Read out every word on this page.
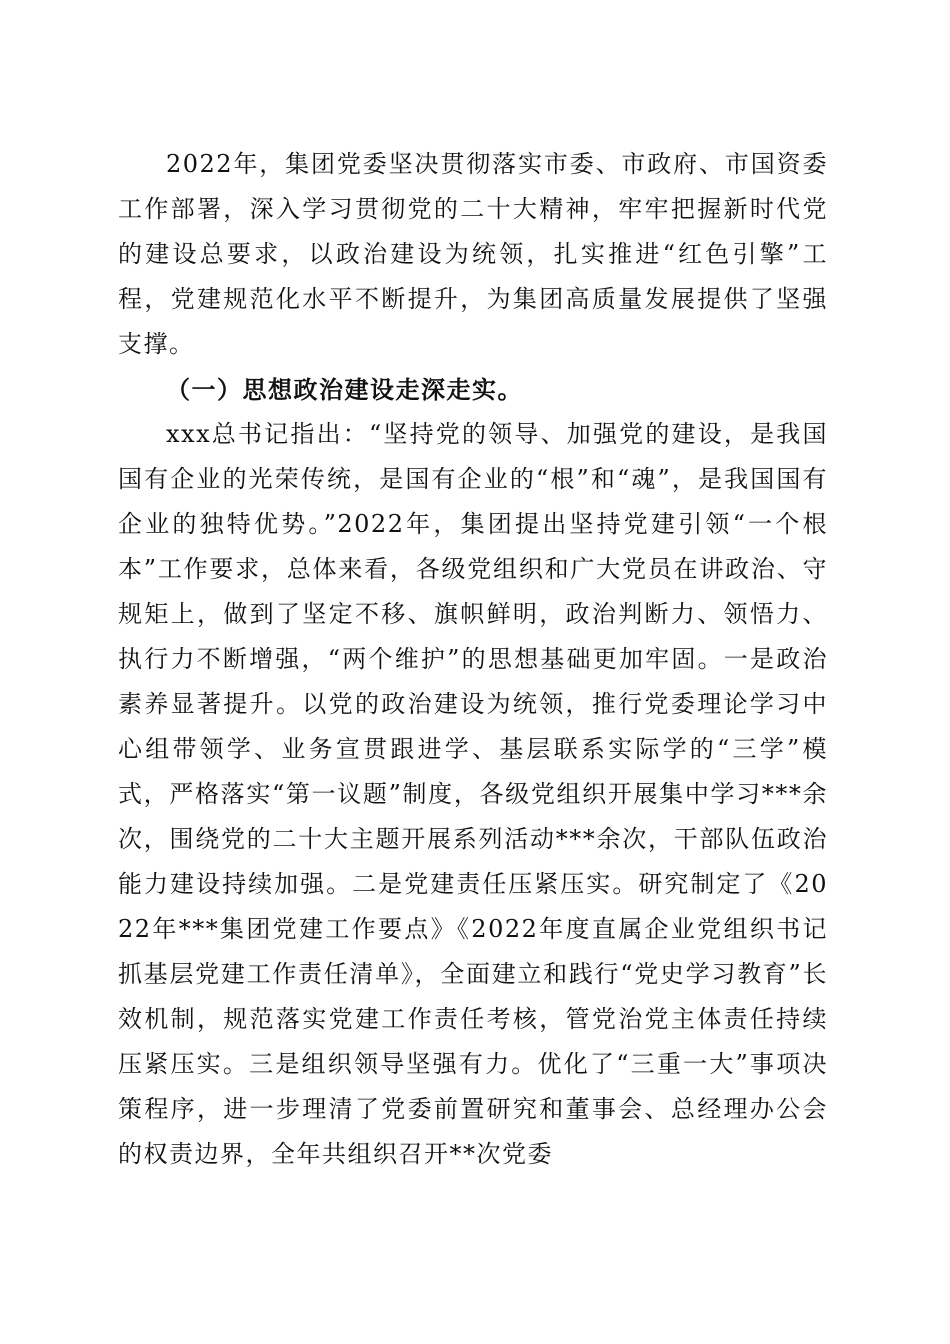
2022年，集团党委坚决贯彻落实市委、市政府、市国资委工作部署，深入学习贯彻党的二十大精神，牢牢把握新时代党的建设总要求，以政治建设为统领，扎实推进“红色引擎”工程，党建规范化水平不断提升，为集团高质量发展提供了坚强支撑。

（一）思想政治建设走深走实。

xxx总书记指出：“坚持党的领导、加强党的建设，是我国国有企业的光荣传统，是国有企业的“根”和“魂”，是我国国有企业的独特优势。”2022年，集团提出坚持党建引领“一个根本”工作要求，总体来看，各级党组织和广大党员在讲政治、守规矩上，做到了坚定不移、旗帜鲜明，政治判断力、领悟力、执行力不断增强，“两个维护”的思想基础更加牢固。一是政治素养显著提升。以党的政治建设为统领，推行党委理论学习中心组带领学、业务宣贯跟进学、基层联系实际学的“三学”模式，严格落实“第一议题”制度，各级党组织开展集中学习***余次，围绕党的二十大主题开展系列活动***余次，干部队伍政治能力建设持续加强。二是党建责任压紧压实。研究制定了《2022年***集团党建工作要点》《2022年度直属企业党组织书记抓基层党建工作责任清单》，全面建立和践行“党史学习教育”长效机制，规范落实党建工作责任考核，管党治党主体责任持续压紧压实。三是组织领导坚强有力。优化了“三重一大”事项决策程序，进一步理清了党委前置研究和董事会、总经理办公会的权责边界，全年共组织召开**次党委
